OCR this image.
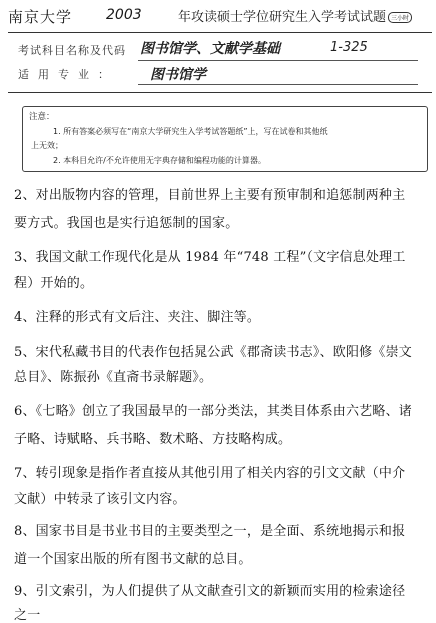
南京大学 2003	年攻读硕士学位研究生入学考试试题 三小时
考试科目名称及代码 图书馆学、文献学基础	1-325
适用专业： 图书馆学
注意：
1. 所有答案必须写在“南京大学研究生入学考试答题纸”上，写在试卷和其他纸
上无效；
2. 本科目允许/不允许使用无字典存储和编程功能的计算器。
2、对出版物内容的管理，目前世界上主要有预审制和追惩制两种主
要方式。我国也是实行追惩制的国家。
3、我国文献工作现代化是从 1984 年“748 工程”（文字信息处理工
程）开始的。
4、注释的形式有文后注、夹注、脚注等。
5、宋代私藏书目的代表作包括晁公武《郡斋读书志》、欧阳修《崇文
总目》、陈振孙《直斋书录解题》。
6、《七略》创立了我国最早的一部分类法，其类目体系由六艺略、诸
子略、诗赋略、兵书略、数术略、方技略构成。
7、转引现象是指作者直接从其他引用了相关内容的引文文献（中介
文献）中转录了该引文内容。
8、国家书目是书业书目的主要类型之一，是全面、系统地揭示和报
道一个国家出版的所有图书文献的总目。
9、引文索引，为人们提供了从文献查引文的新颖而实用的检索途径
之一
